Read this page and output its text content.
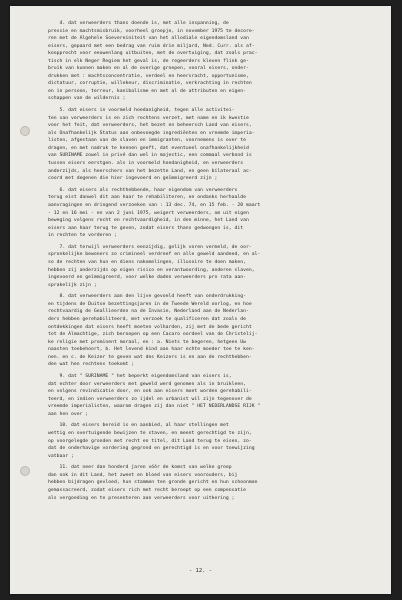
4. dat verweerders thans doende is, met alle inspanning, de
pressie en machtsmisbruik, voorheel groepje, in november 1975 te decore-
ren met de Algehele Soevereiniteit van het allodiale eigendomsland van
eisers, gepaard met een bedrag van ruim drie miljard, Ned. Curr. als af-
koopprecht voor eeuwenlang uitbuiten, met de overtuiging, dat zoals prac-
tisch in elk Neger Regiem het geval is, de regeerders kleven flink ge-
bruik van kunnen maken en al de overige groepen, vooral eisers, onder-
drukken met : machtsconcentratie, verdeel en heersracht, opportunisme,
dictatuur, corruptie, willekeur, discriminatie, verkrachting in rechten
en in persoon, terreur, kanibalisme en met al de attributen en eigen-
schappen van de wildernis ;
5. dat eisers in voormeld hoedanigheid, tegen alle activitei-
ten van verweerders is en zich rechtens verzet, met name en ik kwestie
voor het feit, dat verweerders, het bezet en beheersch Land van eisers,
als Onafhankelijk Status aan onbevoegde ingrediënten en vreemde imperia-
listen, afgestaan van de slaven en immigranten, voornemens is over te
dragen, en met nadruk te kennen geeft, dat eventueel onafhankelijkheid
van SURINAME zowel in privé dan wel in majestic, een commaal verbond is
tussen eisers eerstgen. als in voormeld hoedanigheid, en verweerders
anderzijds, als heerschers van het bezette Land, en geen bilateraal ac-
coord met degenen die hier ingevoerd en geïmmigreerd zijn ;
6. dat eisers als rechthebbende, haar eigendom van verweerders
terug eist danwel dit aan haar te rehabiliteren, en ondanks herhaalde
aanvragingen en dringend verzoeken van : 13 dec. 74, en 15 feb. - 20 maart
- 12 en 16 mei - en van 2 juni 1975, weigert verweerders, om uit eigen
beweging volgens recht en rechtvaardigheid, in den minne, het Land van
eisers aan haar terug te geven, zodat eisers thans gedwongen is, dit
in rechten te vorderen ;
7. dat terwijl verweerders eenzijdig, gelijk voren vermeld, de oor-
spronkelijke bewoners zo crimineel verdreef en alle geweld aandeed, en al-
so de rechten van hun en diens nakomelingen, illusoire te doen maken,
hebben zij anderzijds op eigen risico en verantwoording, anderen slaven,
ingevoerd en geïmmigreerd, voor welke daden verweerders pro rata aan-
sprakelijk zijn ;
8. dat verweerders aan den lijve gevoeld heeft van onderdrukking-
en tijdens de Duitse bezettingsjaren in de Tweede Wereld oorlog, en hoe
rechtvaardig de Geallieerden na de Invasie, Nederland aan de Nederlan-
ders hebben gerehabiliteerd, met verzoek te qualificeren dat zoals de
ontdekkingen dat eisers heeft moeten volharden, zij met de bede gericht
tot de Almachtige, zich beroepen op een Cacaro oordeel van de Christelij-
ke religie met prominent moraal, en : a. Niets te begeren, hetgeen Uw
naasten toebehoort, b. Het levend kind aan haar echte moeder toe te ken-
nen. en c. de Keizer te geven wat des Keizers is en aan de rechthebben-
den wat hen rechtens toekomt ;
9. dat " SURINAME " het beperkt eigendomsland van eisers is,
dat echter door verweerders met geweld werd genomen als in bruikleen,
en volgens revindicatie door, en ook aan eisers moet worden gerehabili-
teerd, en indien verweerders zo ijdel en urbanist wil zijn tegenover de
vreemde imperialisten, waarom dragen zij dan niet " HET NEDERLANDSE RIJK "
aan hen over ;
10. dat eisers bereid is en aanbied, al haar stellingen met
wettig en overtuigende bewijzen te staven, en meent gerechtigd te zijn,
op voorgelegde gronden met recht en titel, dit Land terug te eisen, zo-
dat de onderhavige vordering gegrond en gerechtigd is en voor toewijzing
vatbaar ;
11. dat neer dan honderd jaren vóór de komst van welke groep
dan ook in dit Land, het zweet en bloed van eisers voorouders, bij
hebben bijdragen gevloed, hun stammen ten gronde gericht en hun schoonman
gemassacreerd, zodat eisers rich met recht beroept op een compensatie
als vergoeding en te presenteren aan verweerders voor uitkering ;
- 12. -
